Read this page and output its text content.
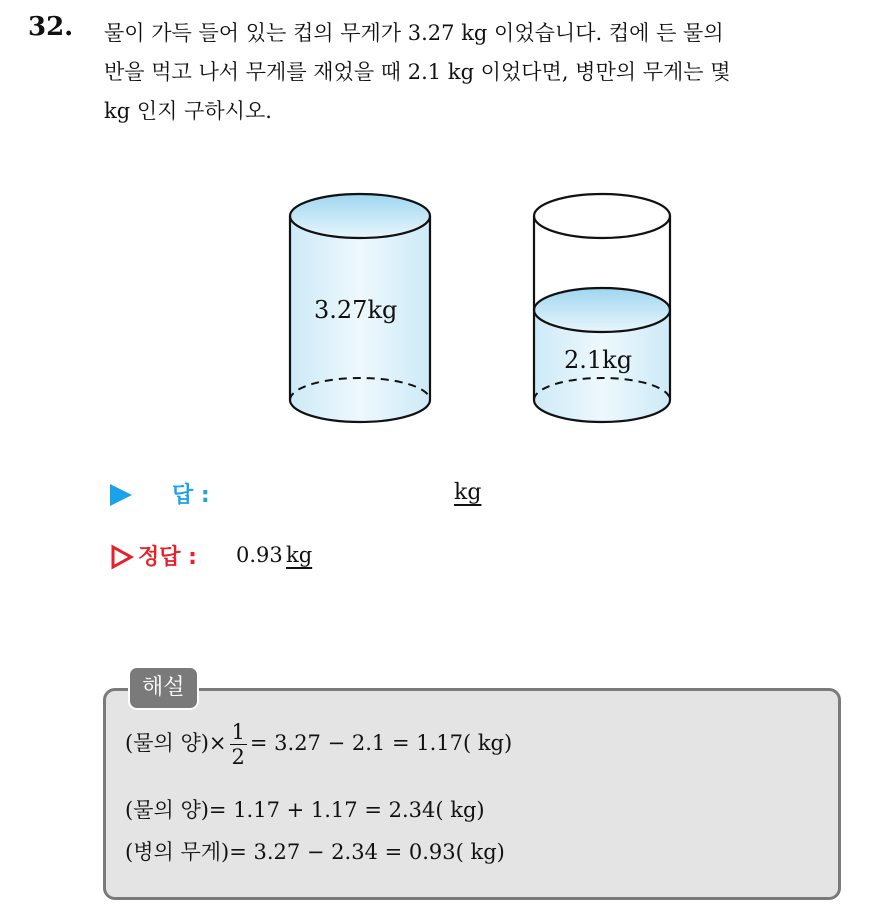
32. 물이 가득 들어 있는 컵의 무게가 3.27 kg 이었습니다. 컵에 든 물의
반을 먹고 나서 무게를 재었을 때 2.1 kg 이었다면, 병만의 무게는 몇
kg 인지 구하시오.
3.27kg
2.1kg
답 :	kg
정답 : 0.93 kg
해설
(물의 양)× $\frac{1}{2} = 3.27 - 2.1 = 1.17$( kg)
(물의 양)= 1.17 + 1.17 = 2.34( kg)
(병의 무게)= 3.27 − 2.34 = 0.93( kg)
